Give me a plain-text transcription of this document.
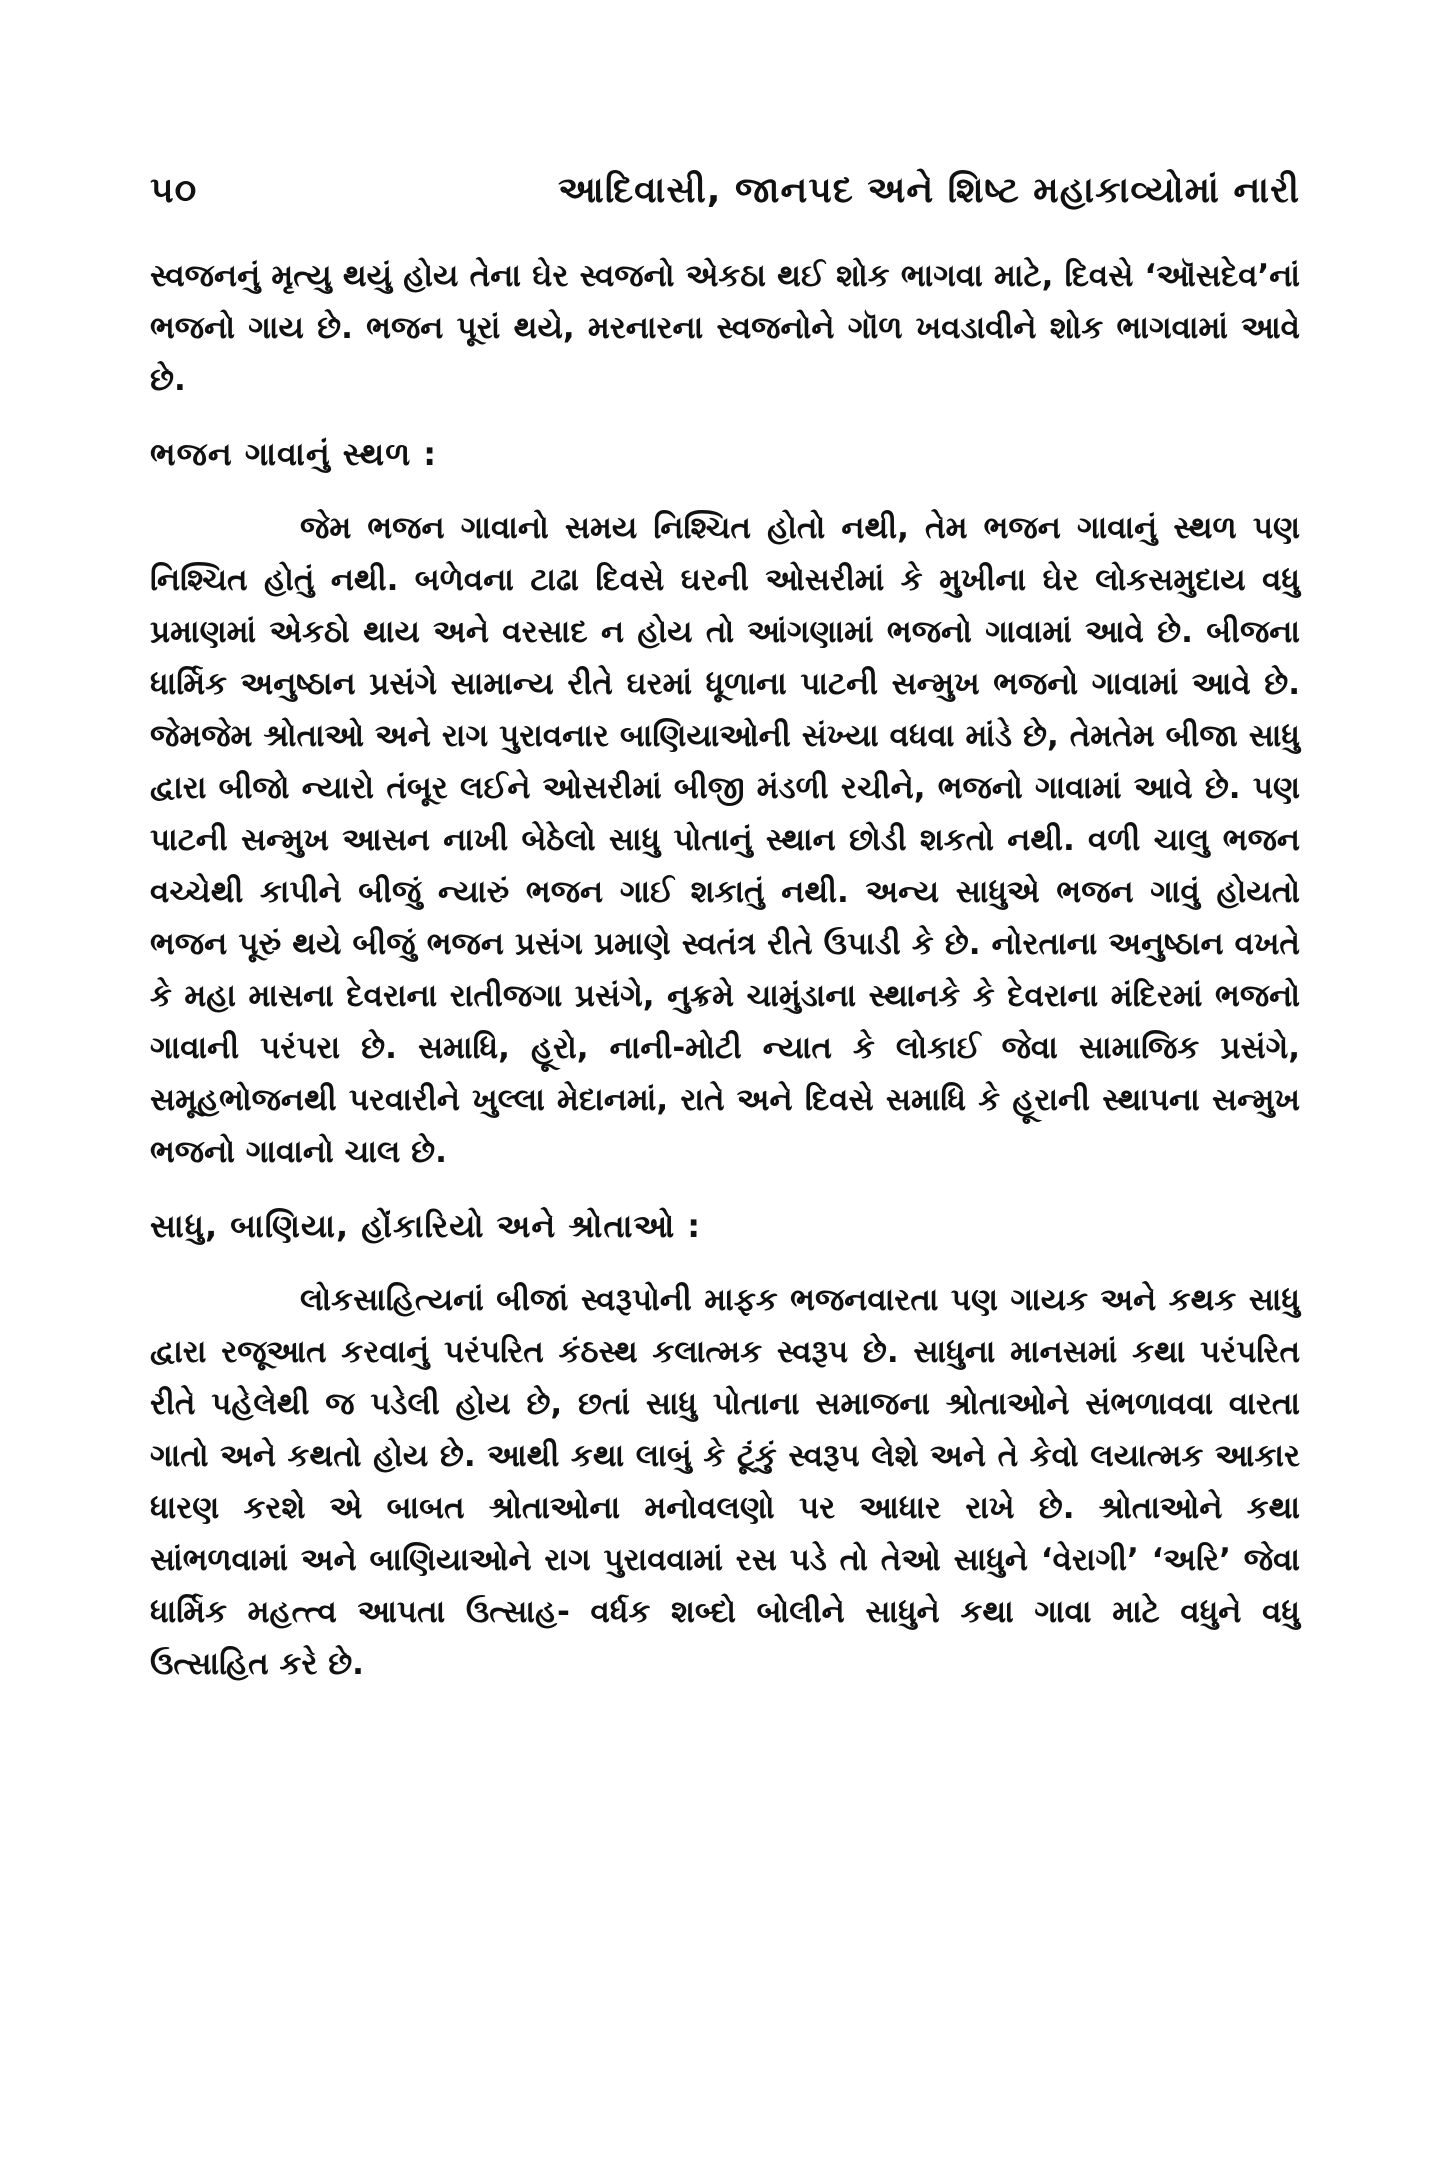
૫૦	આદિવાસી, જાનપદ અને શિષ્ટ મહાકાવ્યોમાં નારી

સ્વજનનું મૃત્યુ થયું હોય તેના ઘેર સ્વજનો એકઠા થઈ શોક ભાગવા માટે, દિવસે ‘ઑસદેવ’નાં ભજનો ગાય છે. ભજન પૂરાં થયે, મરનારના સ્વજનોને ગૉળ ખવડાવીને શોક ભાગવામાં આવે છે.

ભજન ગાવાનું સ્થળ :

જેમ ભજન ગાવાનો સમય નિશ્ચિત હોતો નથી, તેમ ભજન ગાવાનું સ્થળ પણ નિશ્ચિત હોતું નથી. બળેવના ટાઢા દિવસે ઘરની ઓસરીમાં કે મુખીના ઘેર લોકસમુદાય વધુ પ્રમાણમાં એકઠો થાય અને વરસાદ ન હોય તો આંગણામાં ભજનો ગાવામાં આવે છે. બીજના ધાર્મિક અનુષ્ઠાન પ્રસંગે સામાન્ય રીતે ઘરમાં ધૂળાના પાટની સન્મુખ ભજનો ગાવામાં આવે છે. જેમજેમ શ્રોતાઓ અને રાગ પુરાવનાર બાણિયાઓની સંખ્યા વધવા માંડે છે, તેમતેમ બીજા સાધુ દ્વારા બીજો ન્યારો તંબૂર લઈને ઓસરીમાં બીજી મંડળી રચીને, ભજનો ગાવામાં આવે છે. પણ પાટની સન્મુખ આસન નાખી બેઠેલો સાધુ પોતાનું સ્થાન છોડી શકતો નથી. વળી ચાલુ ભજન વચ્ચેથી કાપીને બીજું ન્યારું ભજન ગાઈ શકાતું નથી. અન્ય સાધુએ ભજન ગાવું હોયતો ભજન પૂરું થયે બીજું ભજન પ્રસંગ પ્રમાણે સ્વતંત્ર રીતે ઉપાડી કે છે. નોરતાના અનુષ્ઠાન વખતે કે મહા માસના દેવરાના રાતીજગા પ્રસંગે, નુક્રમે ચામુંડાના સ્થાનકે કે દેવરાના મંદિરમાં ભજનો ગાવાની પરંપરા છે. સમાધિ, હૂરો, નાની-મોટી ન્યાત કે લોકાઈ જેવા સામાજિક પ્રસંગે, સમૂહભોજનથી પરવારીને ખુલ્લા મેદાનમાં, રાતે અને દિવસે સમાધિ કે હૂરાની સ્થાપના સન્મુખ ભજનો ગાવાનો ચાલ છે.

સાધુ, બાણિયા, હોંકારિયો અને શ્રોતાઓ :

લોકસાહિત્યનાં બીજાં સ્વરૂપોની માફક ભજનવારતા પણ ગાયક અને કથક સાધુ દ્વારા રજૂઆત કરવાનું પરંપરિત કંઠસ્થ કલાત્મક સ્વરૂપ છે. સાધુના માનસમાં કથા પરંપરિત રીતે પહેલેથી જ પડેલી હોય છે, છતાં સાધુ પોતાના સમાજના શ્રોતાઓને સંભળાવવા વારતા ગાતો અને કથતો હોય છે. આથી કથા લાબું કે ટૂંકું સ્વરૂપ લેશે અને તે કેવો લયાત્મક આકાર ધારણ કરશે એ બાબત શ્રોતાઓના મનોવલણો પર આધાર રાખે છે. શ્રોતાઓને કથા સાંભળવામાં અને બાણિયાઓને રાગ પુરાવવામાં રસ પડે તો તેઓ સાધુને ‘વેરાગી’ ‘અરિ’ જેવા ધાર્મિક મહત્ત્વ આપતા ઉત્સાહ- વર્ધક શબ્દો બોલીને સાધુને કથા ગાવા માટે વધુને વધુ ઉત્સાહિત કરે છે.
